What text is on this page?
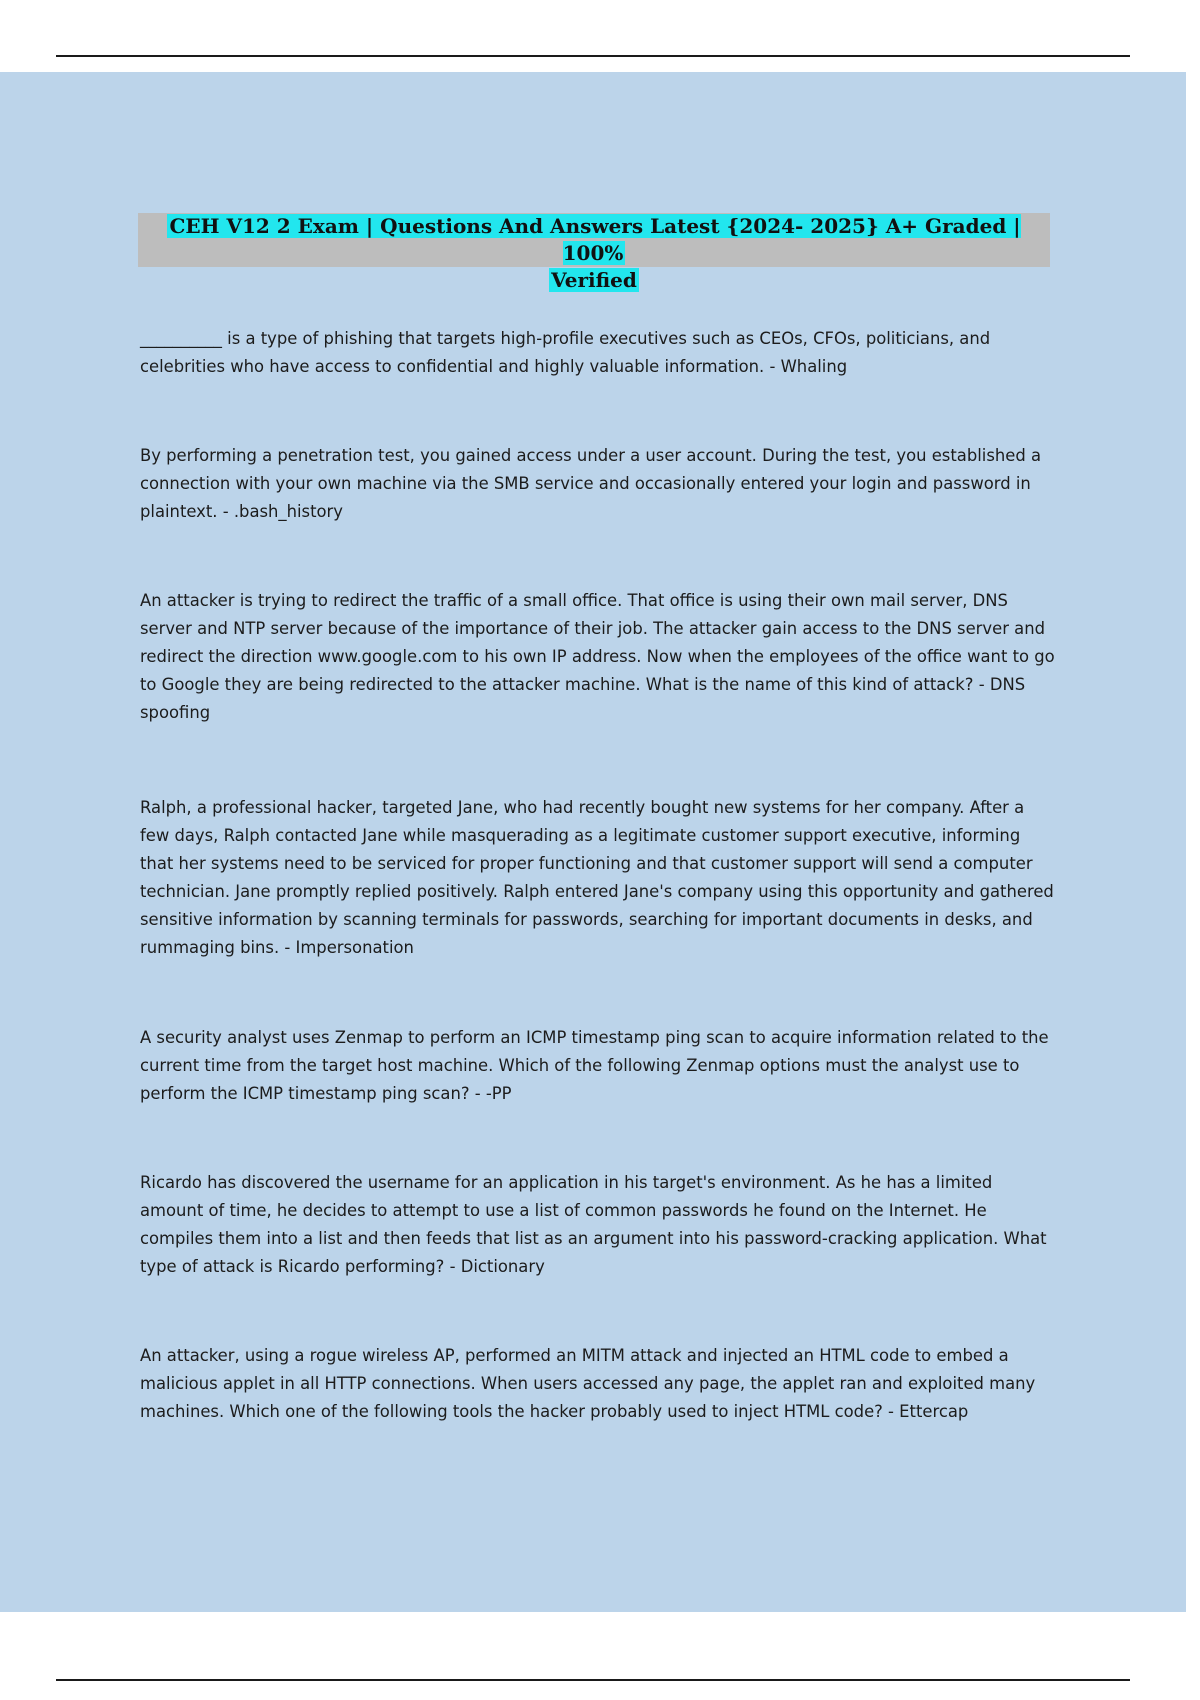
CEH V12 2 Exam | Questions And Answers Latest {2024- 2025} A+ Graded | 100%
Verified

__________ is a type of phishing that targets high-profile executives such as CEOs, CFOs, politicians, and celebrities who have access to confidential and highly valuable information. - Whaling

By performing a penetration test, you gained access under a user account. During the test, you established a connection with your own machine via the SMB service and occasionally entered your login and password in plaintext. - .bash_history

An attacker is trying to redirect the traffic of a small office. That office is using their own mail server, DNS server and NTP server because of the importance of their job. The attacker gain access to the DNS server and redirect the direction www.google.com to his own IP address. Now when the employees of the office want to go to Google they are being redirected to the attacker machine. What is the name of this kind of attack? - DNS spoofing

Ralph, a professional hacker, targeted Jane, who had recently bought new systems for her company. After a few days, Ralph contacted Jane while masquerading as a legitimate customer support executive, informing that her systems need to be serviced for proper functioning and that customer support will send a computer technician. Jane promptly replied positively. Ralph entered Jane's company using this opportunity and gathered sensitive information by scanning terminals for passwords, searching for important documents in desks, and rummaging bins. - Impersonation

A security analyst uses Zenmap to perform an ICMP timestamp ping scan to acquire information related to the current time from the target host machine. Which of the following Zenmap options must the analyst use to perform the ICMP timestamp ping scan? - -PP

Ricardo has discovered the username for an application in his target's environment. As he has a limited amount of time, he decides to attempt to use a list of common passwords he found on the Internet. He compiles them into a list and then feeds that list as an argument into his password-cracking application. What type of attack is Ricardo performing? - Dictionary

An attacker, using a rogue wireless AP, performed an MITM attack and injected an HTML code to embed a malicious applet in all HTTP connections. When users accessed any page, the applet ran and exploited many machines. Which one of the following tools the hacker probably used to inject HTML code? - Ettercap
